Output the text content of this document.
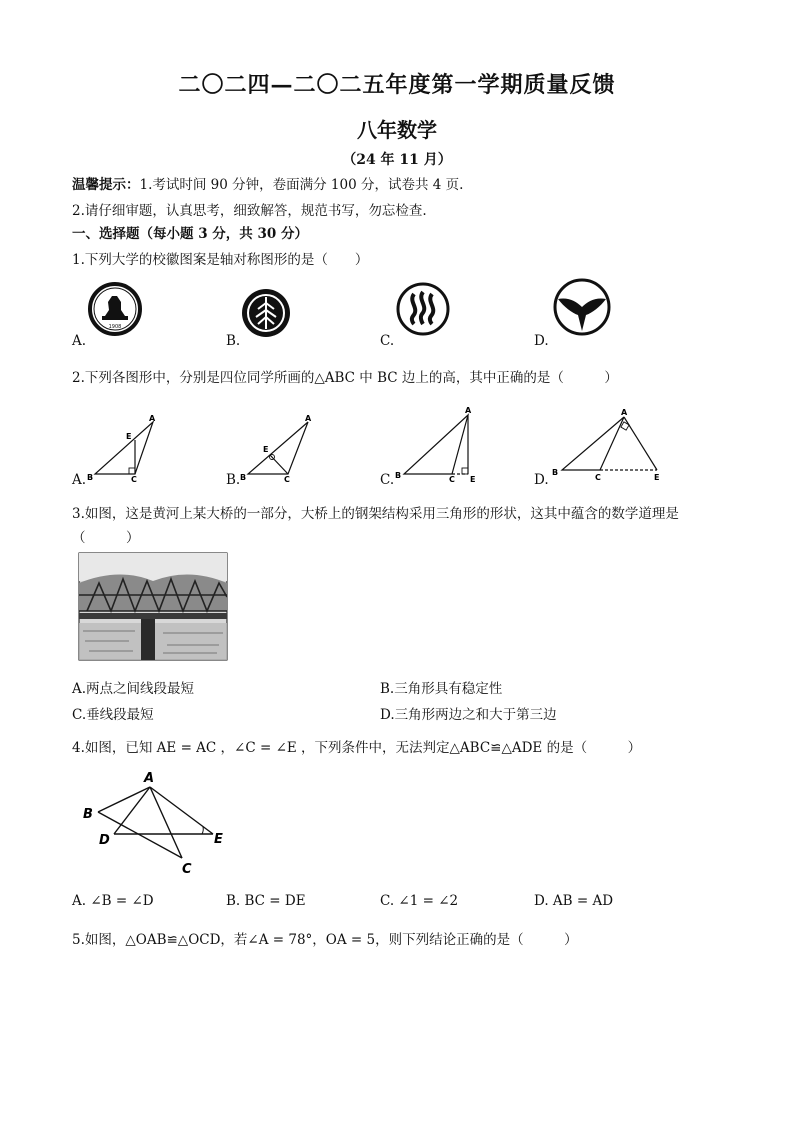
二〇二四—二〇二五年度第一学期质量反馈
八年数学
（24 年 11 月）
温馨提示：1.考试时间 90 分钟，卷面满分 100 分，试卷共 4 页.
2.请仔细审题，认真思考，细致解答，规范书写，勿忘检查.
一、选择题（每小题 3 分，共 30 分）
1.下列大学的校徽图案是轴对称图形的是（　　）
1908
A.	B.	C.	D.
2.下列各图形中，分别是四位同学所画的△ABC 中 BC 边上的高，其中正确的是（　　　）
A
B	C
E
A.
A
B	C
E
B.
A
B	C E
C.
A
B
C	E
D.
3.如图，这是黄河上某大桥的一部分，大桥上的钢架结构采用三角形的形状，这其中蕴含的数学道理是
（　　　）
A.两点之间线段最短	B.三角形具有稳定性
C.垂线段最短	D.三角形两边之和大于第三边
4.如图，已知 AE = AC ，∠C = ∠E ，下列条件中，无法判定△ABC≌△ADE 的是（　　　）
A
B
C
D	E
A. ∠B = ∠D	B. BC = DE	C. ∠1 = ∠2	D. AB = AD
5.如图，△OAB≌△OCD，若∠A = 78°，OA = 5，则下列结论正确的是（　　　）
